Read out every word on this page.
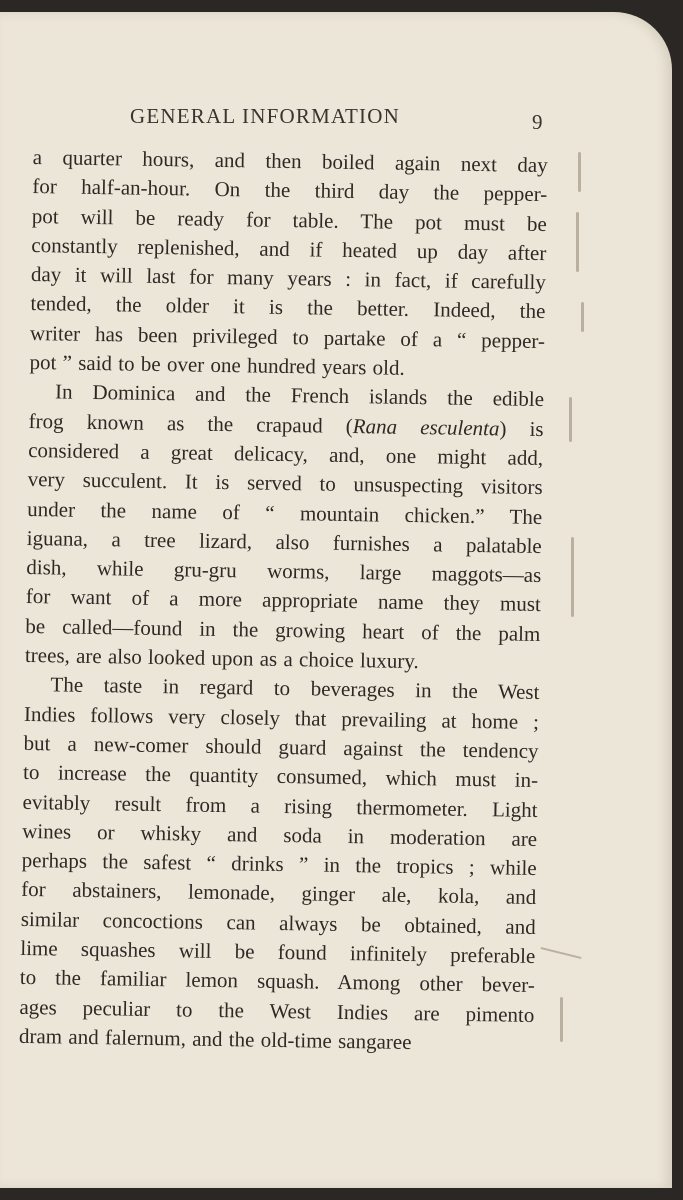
GENERAL INFORMATION	9
a quarter hours, and then boiled again next day
for half-an-hour. On the third day the pepper-
pot will be ready for table. The pot must be
constantly replenished, and if heated up day after
day it will last for many years : in fact, if carefully
tended, the older it is the better. Indeed, the
writer has been privileged to partake of a “ pepper-
pot ” said to be over one hundred years old.
In Dominica and the French islands the edible
frog known as the crapaud (Rana esculenta) is
considered a great delicacy, and, one might add,
very succulent. It is served to unsuspecting visitors
under the name of “ mountain chicken.” The
iguana, a tree lizard, also furnishes a palatable
dish, while gru-gru worms, large maggots—as
for want of a more appropriate name they must
be called—found in the growing heart of the palm
trees, are also looked upon as a choice luxury.
The taste in regard to beverages in the West
Indies follows very closely that prevailing at home ;
but a new-comer should guard against the tendency
to increase the quantity consumed, which must in-
evitably result from a rising thermometer. Light
wines or whisky and soda in moderation are
perhaps the safest “ drinks ” in the tropics ; while
for abstainers, lemonade, ginger ale, kola, and
similar concoctions can always be obtained, and
lime squashes will be found infinitely preferable
to the familiar lemon squash. Among other bever-
ages peculiar to the West Indies are pimento
dram and falernum, and the old-time sangaree
